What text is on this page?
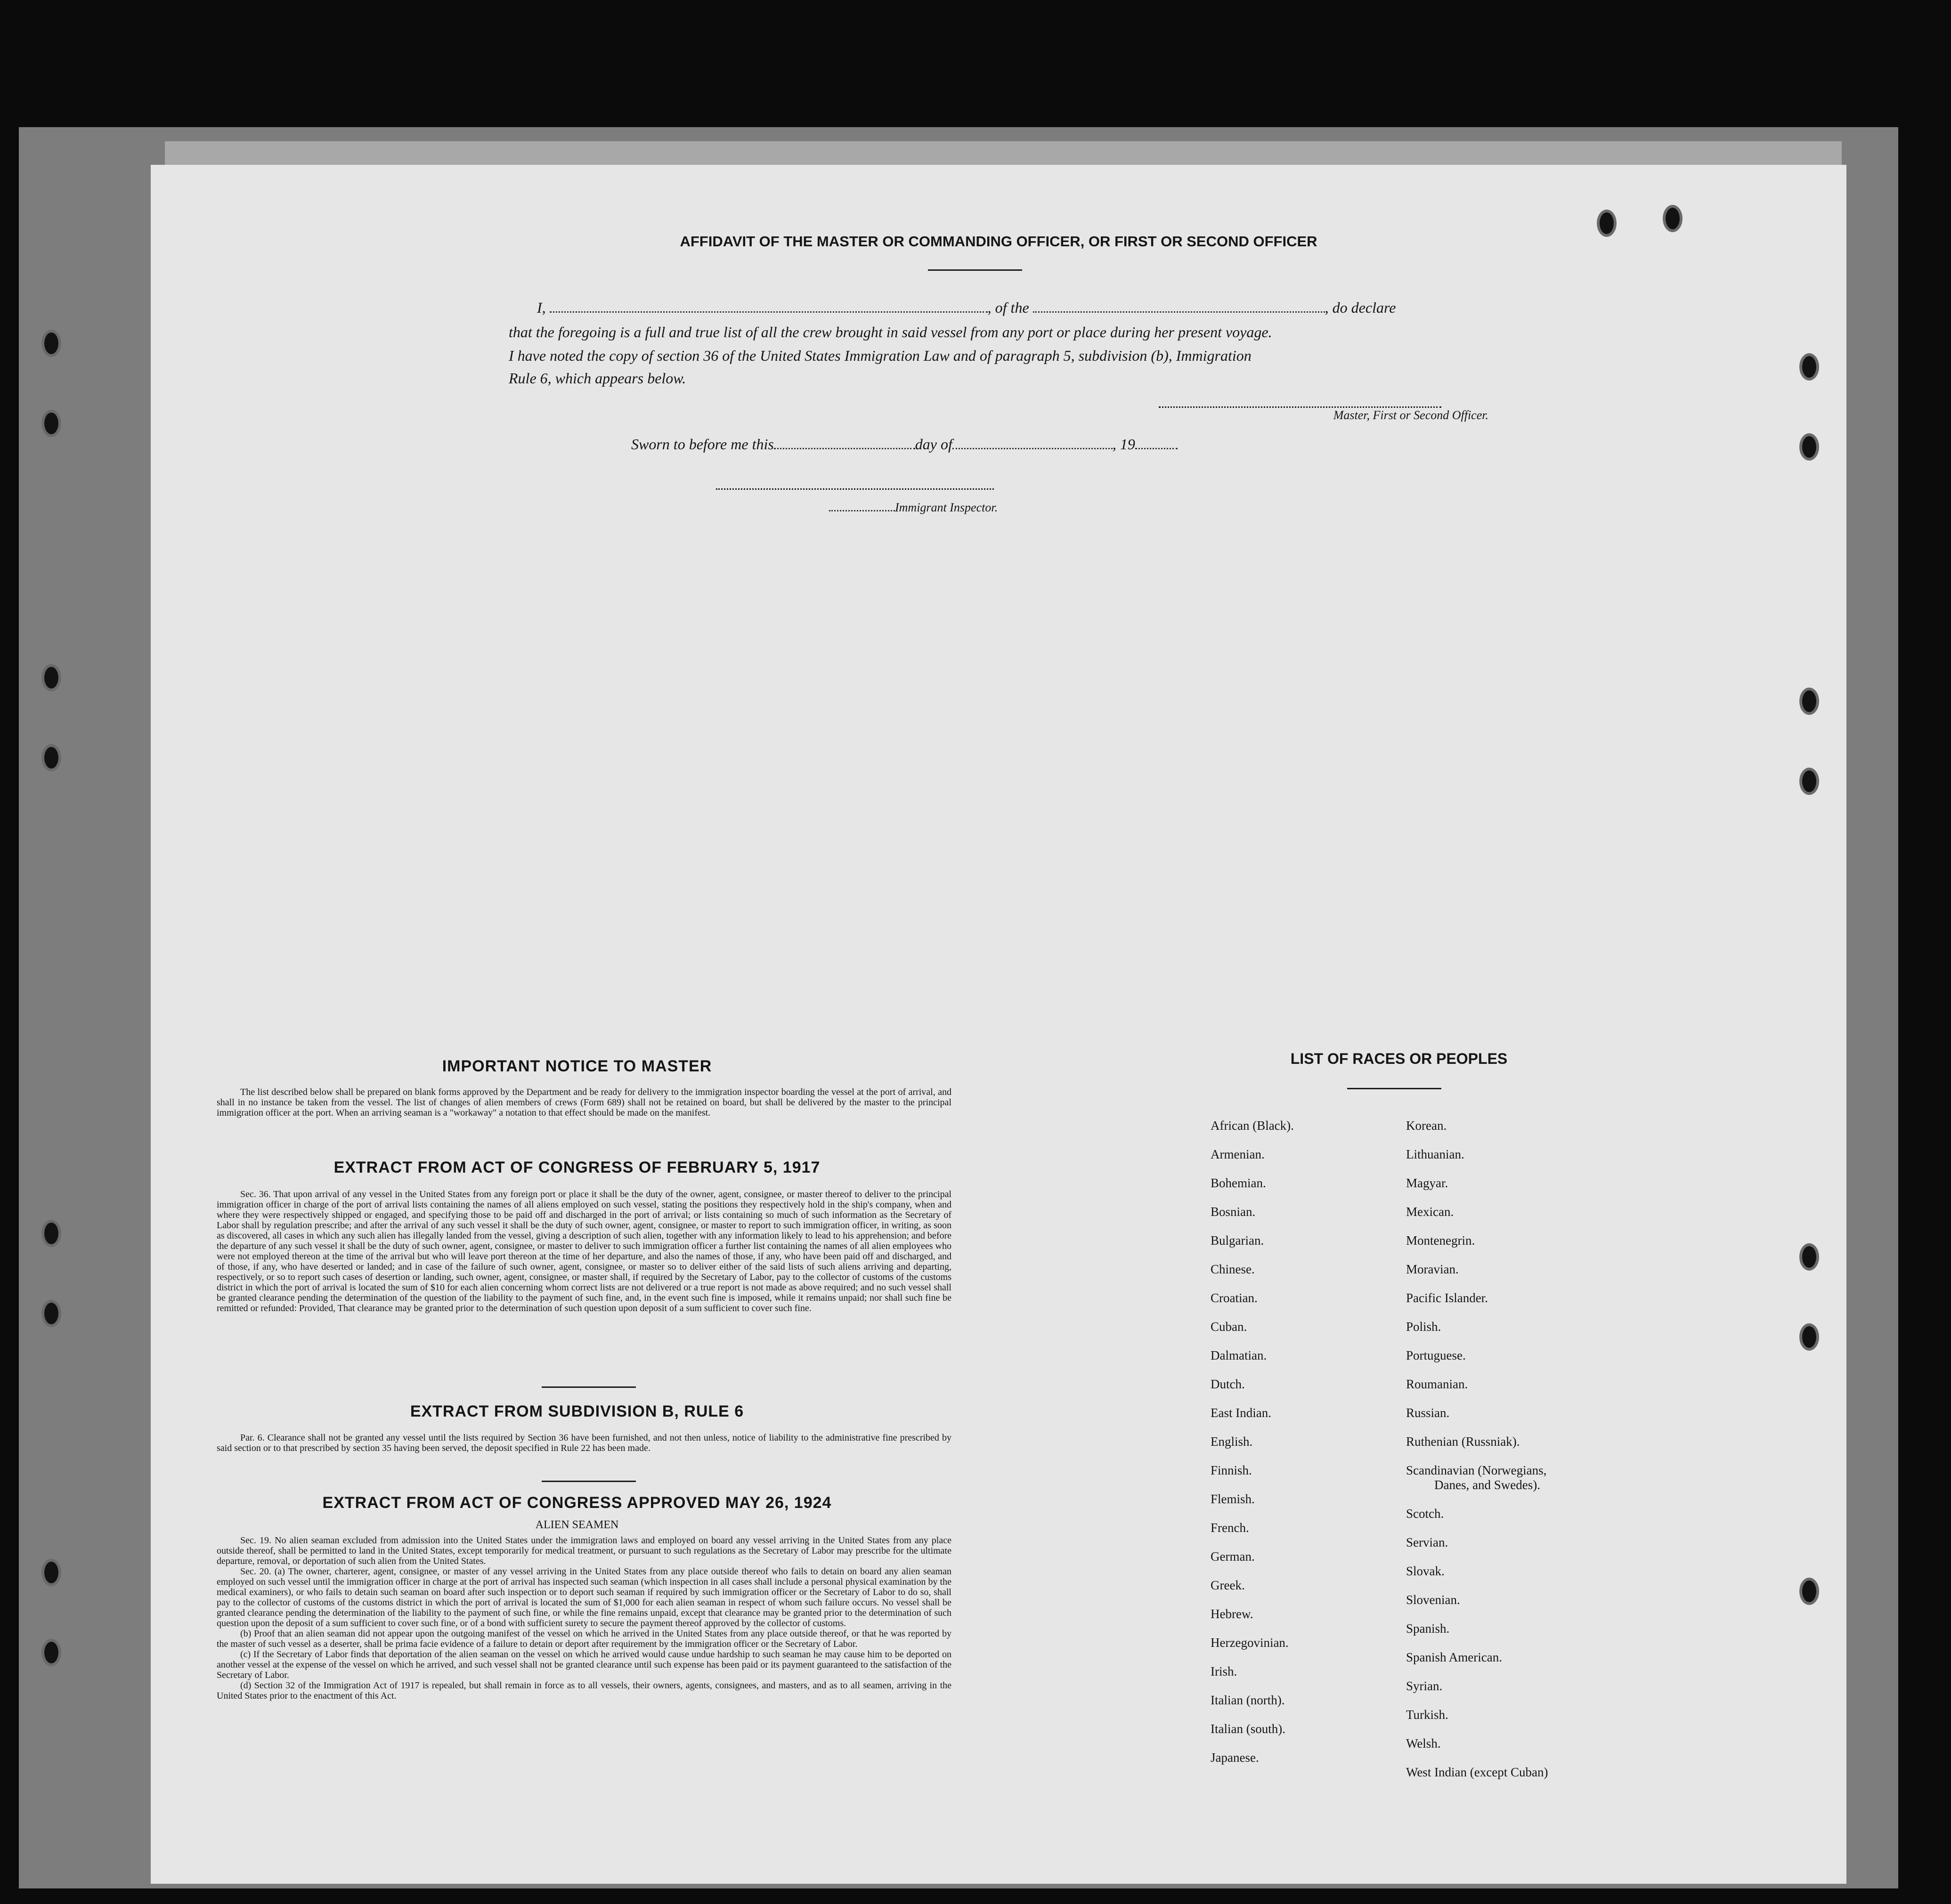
AFFIDAVIT OF THE MASTER OR COMMANDING OFFICER, OR FIRST OR SECOND OFFICER
I,	, of the	, do declare
that the foregoing is a full and true list of all the crew brought in said vessel from any port or place during her present voyage.
I have noted the copy of section 36 of the United States Immigration Law and of paragraph 5, subdivision (b), Immigration
Rule 6, which appears below.
Master, First or Second Officer.
Sworn to before me this	day of	, 19
Immigrant Inspector.
IMPORTANT NOTICE TO MASTER

The list described below shall be prepared on blank forms approved by the Department and be ready for delivery to the immigration inspector boarding the vessel at the port of arrival, and shall in no instance be taken from the vessel. The list of changes of alien members of crews (Form 689) shall not be retained on board, but shall be delivered by the master to the principal immigration officer at the port. When an arriving seaman is a "workaway" a notation to that effect should be made on the manifest.

EXTRACT FROM ACT OF CONGRESS OF FEBRUARY 5, 1917

Sec. 36. That upon arrival of any vessel in the United States from any foreign port or place it shall be the duty of the owner, agent, consignee, or master thereof to deliver to the principal immigration officer in charge of the port of arrival lists containing the names of all aliens employed on such vessel, stating the positions they respectively hold in the ship's company, when and where they were respectively shipped or engaged, and specifying those to be paid off and discharged in the port of arrival; or lists containing so much of such information as the Secretary of Labor shall by regulation prescribe; and after the arrival of any such vessel it shall be the duty of such owner, agent, consignee, or master to report to such immigration officer, in writing, as soon as discovered, all cases in which any such alien has illegally landed from the vessel, giving a description of such alien, together with any information likely to lead to his apprehension; and before the departure of any such vessel it shall be the duty of such owner, agent, consignee, or master to deliver to such immigration officer a further list containing the names of all alien employees who were not employed thereon at the time of the arrival but who will leave port thereon at the time of her departure, and also the names of those, if any, who have been paid off and discharged, and of those, if any, who have deserted or landed; and in case of the failure of such owner, agent, consignee, or master so to deliver either of the said lists of such aliens arriving and departing, respectively, or so to report such cases of desertion or landing, such owner, agent, consignee, or master shall, if required by the Secretary of Labor, pay to the collector of customs of the customs district in which the port of arrival is located the sum of $10 for each alien concerning whom correct lists are not delivered or a true report is not made as above required; and no such vessel shall be granted clearance pending the determination of the question of the liability to the payment of such fine, and, in the event such fine is imposed, while it remains unpaid; nor shall such fine be remitted or refunded: Provided, That clearance may be granted prior to the determination of such question upon deposit of a sum sufficient to cover such fine.

EXTRACT FROM SUBDIVISION B, RULE 6

Par. 6. Clearance shall not be granted any vessel until the lists required by Section 36 have been furnished, and not then unless, notice of liability to the administrative fine prescribed by said section or to that prescribed by section 35 having been served, the deposit specified in Rule 22 has been made.

EXTRACT FROM ACT OF CONGRESS APPROVED MAY 26, 1924
ALIEN SEAMEN

Sec. 19. No alien seaman excluded from admission into the United States under the immigration laws and employed on board any vessel arriving in the United States from any place outside thereof, shall be permitted to land in the United States, except temporarily for medical treatment, or pursuant to such regulations as the Secretary of Labor may prescribe for the ultimate departure, removal, or deportation of such alien from the United States.

Sec. 20. (a) The owner, charterer, agent, consignee, or master of any vessel arriving in the United States from any place outside thereof who fails to detain on board any alien seaman employed on such vessel until the immigration officer in charge at the port of arrival has inspected such seaman (which inspection in all cases shall include a personal physical examination by the medical examiners), or who fails to detain such seaman on board after such inspection or to deport such seaman if required by such immigration officer or the Secretary of Labor to do so, shall pay to the collector of customs of the customs district in which the port of arrival is located the sum of $1,000 for each alien seaman in respect of whom such failure occurs. No vessel shall be granted clearance pending the determination of the liability to the payment of such fine, or while the fine remains unpaid, except that clearance may be granted prior to the determination of such question upon the deposit of a sum sufficient to cover such fine, or of a bond with sufficient surety to secure the payment thereof approved by the collector of customs.

(b) Proof that an alien seaman did not appear upon the outgoing manifest of the vessel on which he arrived in the United States from any place outside thereof, or that he was reported by the master of such vessel as a deserter, shall be prima facie evidence of a failure to detain or deport after requirement by the immigration officer or the Secretary of Labor.

(c) If the Secretary of Labor finds that deportation of the alien seaman on the vessel on which he arrived would cause undue hardship to such seaman he may cause him to be deported on another vessel at the expense of the vessel on which he arrived, and such vessel shall not be granted clearance until such expense has been paid or its payment guaranteed to the satisfaction of the Secretary of Labor.

(d) Section 32 of the Immigration Act of 1917 is repealed, but shall remain in force as to all vessels, their owners, agents, consignees, and masters, and as to all seamen, arriving in the United States prior to the enactment of this Act.

LIST OF RACES OR PEOPLES
African (Black).
Armenian.
Bohemian.
Bosnian.
Bulgarian.
Chinese.
Croatian.
Cuban.
Dalmatian.
Dutch.
East Indian.
English.
Finnish.
Flemish.
French.
German.
Greek.
Hebrew.
Herzegovinian.
Irish.
Italian (north).
Italian (south).
Japanese.
Korean.
Lithuanian.
Magyar.
Mexican.
Montenegrin.
Moravian.
Pacific Islander.
Polish.
Portuguese.
Roumanian.
Russian.
Ruthenian (Russniak).
Scandinavian (Norwegians,
Danes, and Swedes).
Scotch.
Servian.
Slovak.
Slovenian.
Spanish.
Spanish American.
Syrian.
Turkish.
Welsh.
West Indian (except Cuban)
